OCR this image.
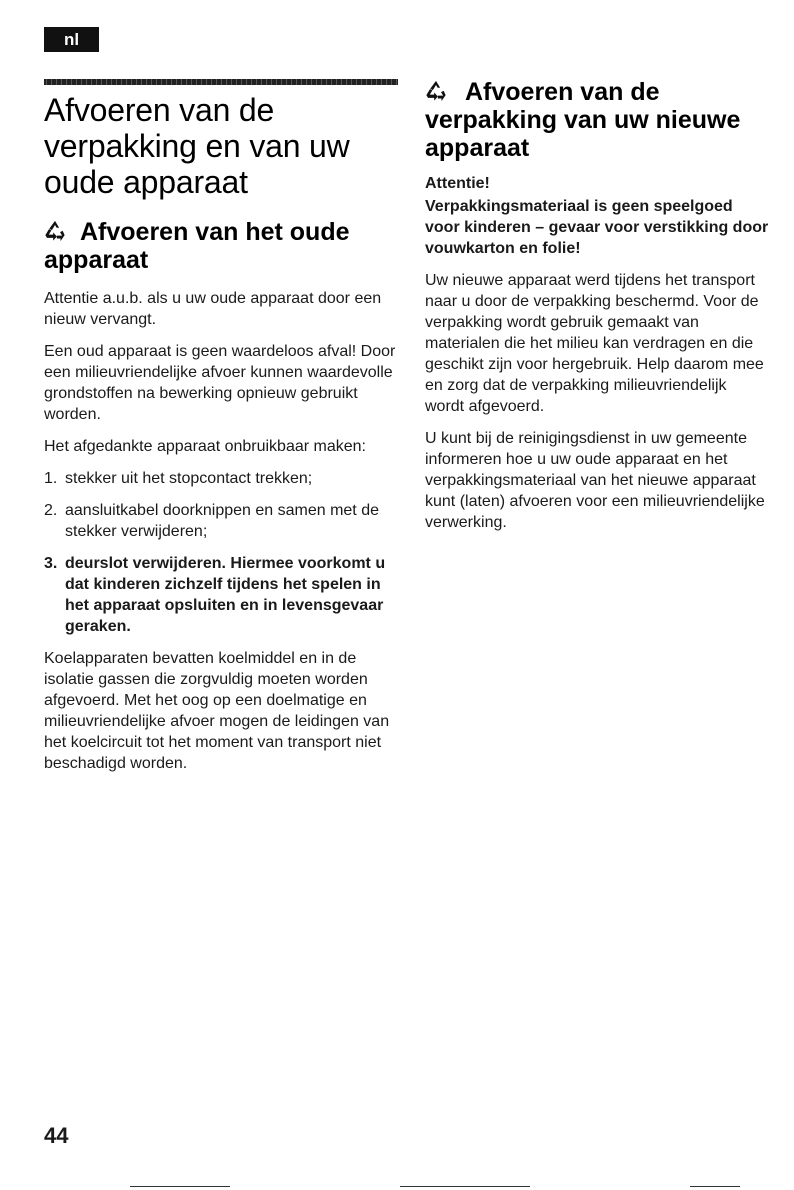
nl
Afvoeren van de verpakking en van uw oude apparaat
Afvoeren van het oude apparaat

Attentie a.u.b. als u uw oude apparaat door een nieuw vervangt.

Een oud apparaat is geen waardeloos afval! Door een milieuvriendelijke afvoer kunnen waardevolle grondstoffen na bewerking opnieuw gebruikt worden.

Het afgedankte apparaat onbruikbaar maken:

1. stekker uit het stopcontact trekken;
2. aansluitkabel doorknippen en samen met de stekker verwijderen;
3. deurslot verwijderen. Hiermee voorkomt u dat kinderen zichzelf tijdens het spelen in het apparaat opsluiten en in levensgevaar geraken.

Koelapparaten bevatten koelmiddel en in de isolatie gassen die zorgvuldig moeten worden afgevoerd. Met het oog op een doelmatige en milieuvriendelijke afvoer mogen de leidingen van het koelcircuit tot het moment van transport niet beschadigd worden.

Afvoeren van de verpakking van uw nieuwe apparaat

Attentie!

Verpakkingsmateriaal is geen speelgoed voor kinderen – gevaar voor verstikking door vouwkarton en folie!

Uw nieuwe apparaat werd tijdens het transport naar u door de verpakking beschermd. Voor de verpakking wordt gebruik gemaakt van materialen die het milieu kan verdragen en die geschikt zijn voor hergebruik. Help daarom mee en zorg dat de verpakking milieuvriendelijk wordt afgevoerd.

U kunt bij de reinigingsdienst in uw gemeente informeren hoe u uw oude apparaat en het verpakkingsmateriaal van het nieuwe apparaat kunt (laten) afvoeren voor een milieuvriendelijke verwerking.

44
